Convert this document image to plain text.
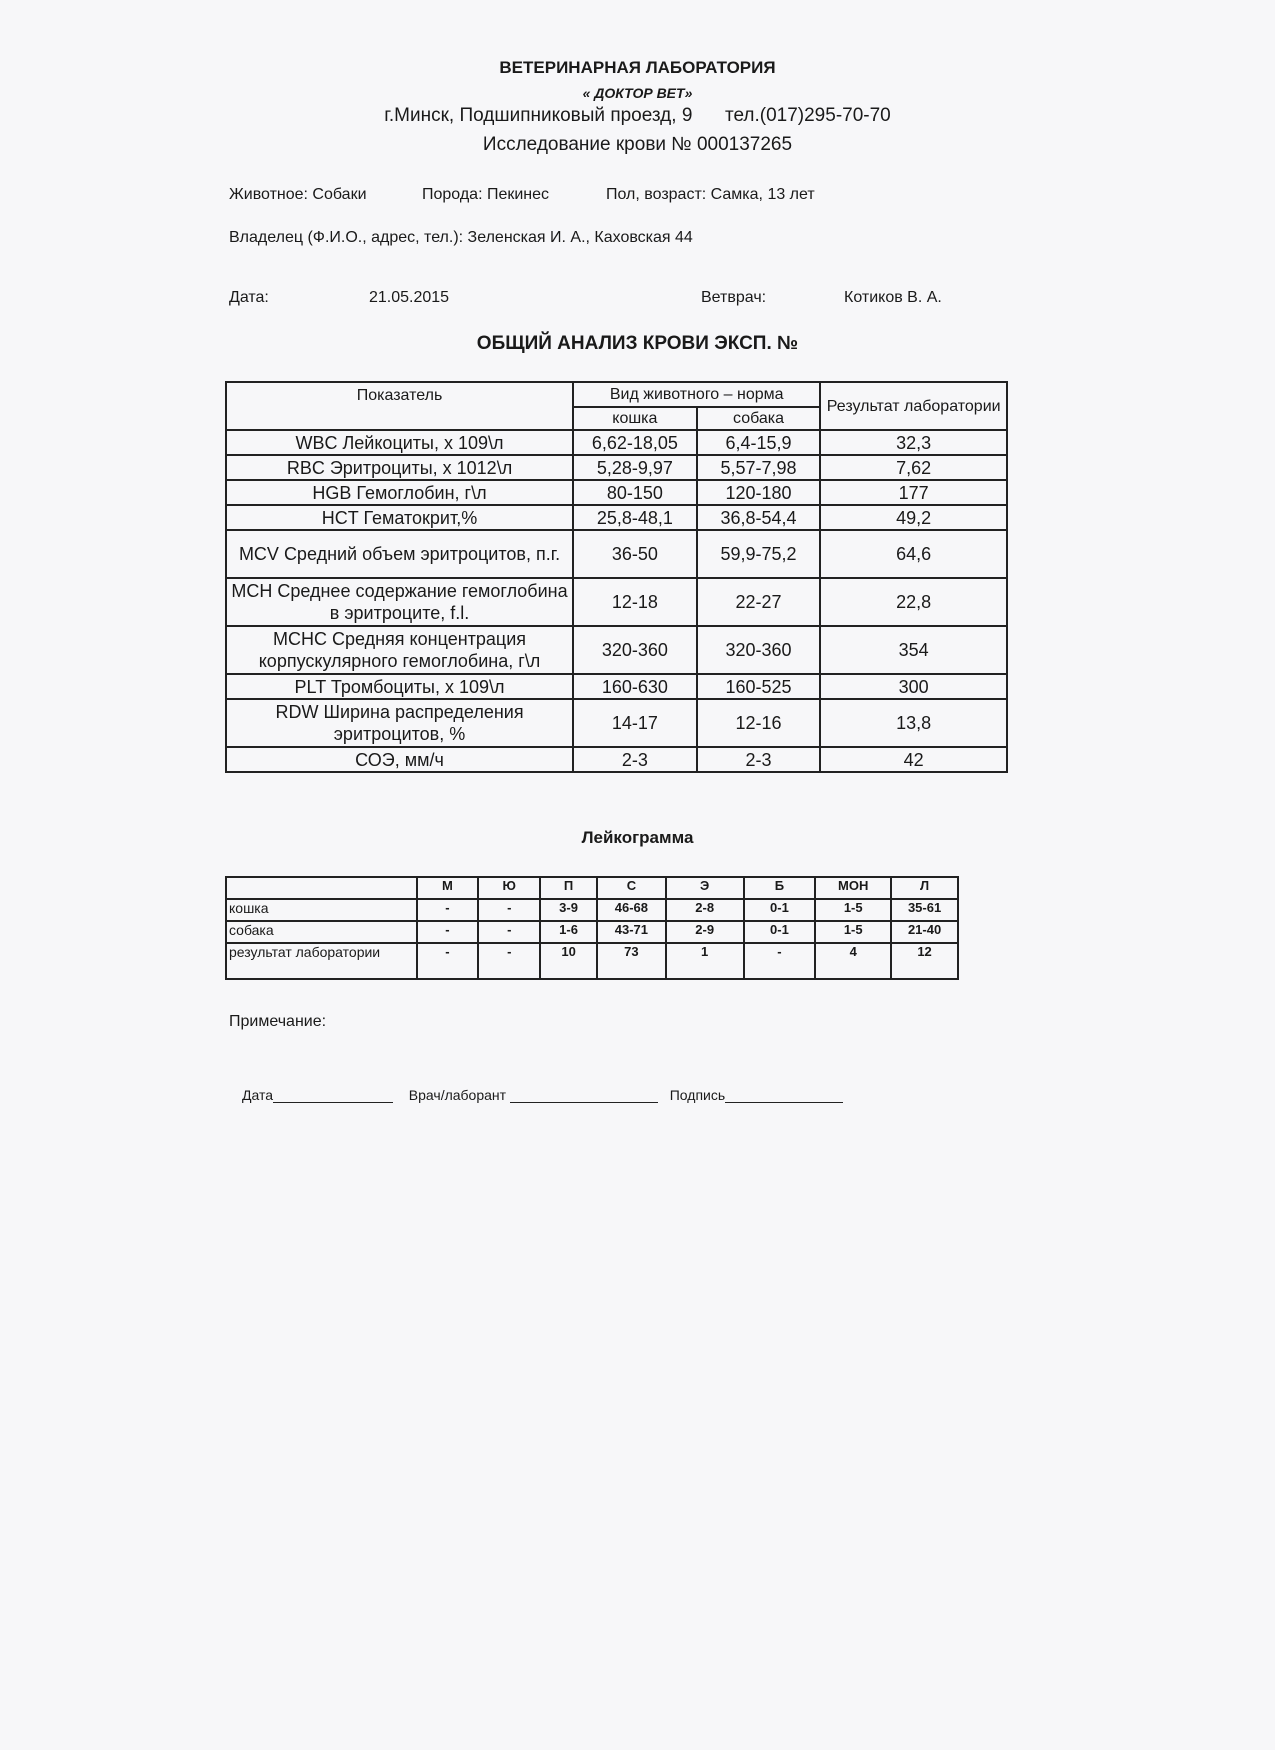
ВЕТЕРИНАРНАЯ ЛАБОРАТОРИЯ
« ДОКТОР ВЕТ»
г.Минск, Подшипниковый проезд, 9 тел.(017)295-70-70
Исследование крови № 000137265
Животное: Собаки	Порода: Пекинес	Пол, возраст: Самка, 13 лет
Владелец (Ф.И.О., адрес, тел.): Зеленская И. А., Каховская 44
Дата:	21.05.2015	Ветврач:	Котиков В. А.
ОБЩИЙ АНАЛИЗ КРОВИ ЭКСП. №
Показатель	Вид животного – норма		Результат лаборатории
	кошка	собака	
WBC Лейкоциты, х 109\л	6,62-18,05	6,4-15,9	32,3
RBC Эритроциты, х 1012\л	5,28-9,97	5,57-7,98	7,62
HGB Гемоглобин, г\л	80-150	120-180	177
HCT Гематокрит,%	25,8-48,1	36,8-54,4	49,2
MCV Средний объем эритроцитов, п.г.	36-50	59,9-75,2	64,6
MCH Среднее содержание гемоглобина в эритроците, f.l.	12-18	22-27	22,8
MCHC Средняя концентрация корпускулярного гемоглобина, г\л	320-360	320-360	354
PLT Тромбоциты, х 109\л	160-630	160-525	300
RDW Ширина распределения эритроцитов, %	14-17	12-16	13,8
СОЭ, мм/ч	2-3	2-3	42
Лейкограмма
	М	Ю	П	С	Э	Б	МОН	Л
кошка	-	-	3-9	46-68	2-8	0-1	1-5	35-61
собака	-	-	1-6	43-71	2-9	0-1	1-5	21-40
результат лаборатории	-	-	10	73	1	-	4	12
Примечание:
Дата	Врач/лаборант	Подпись
